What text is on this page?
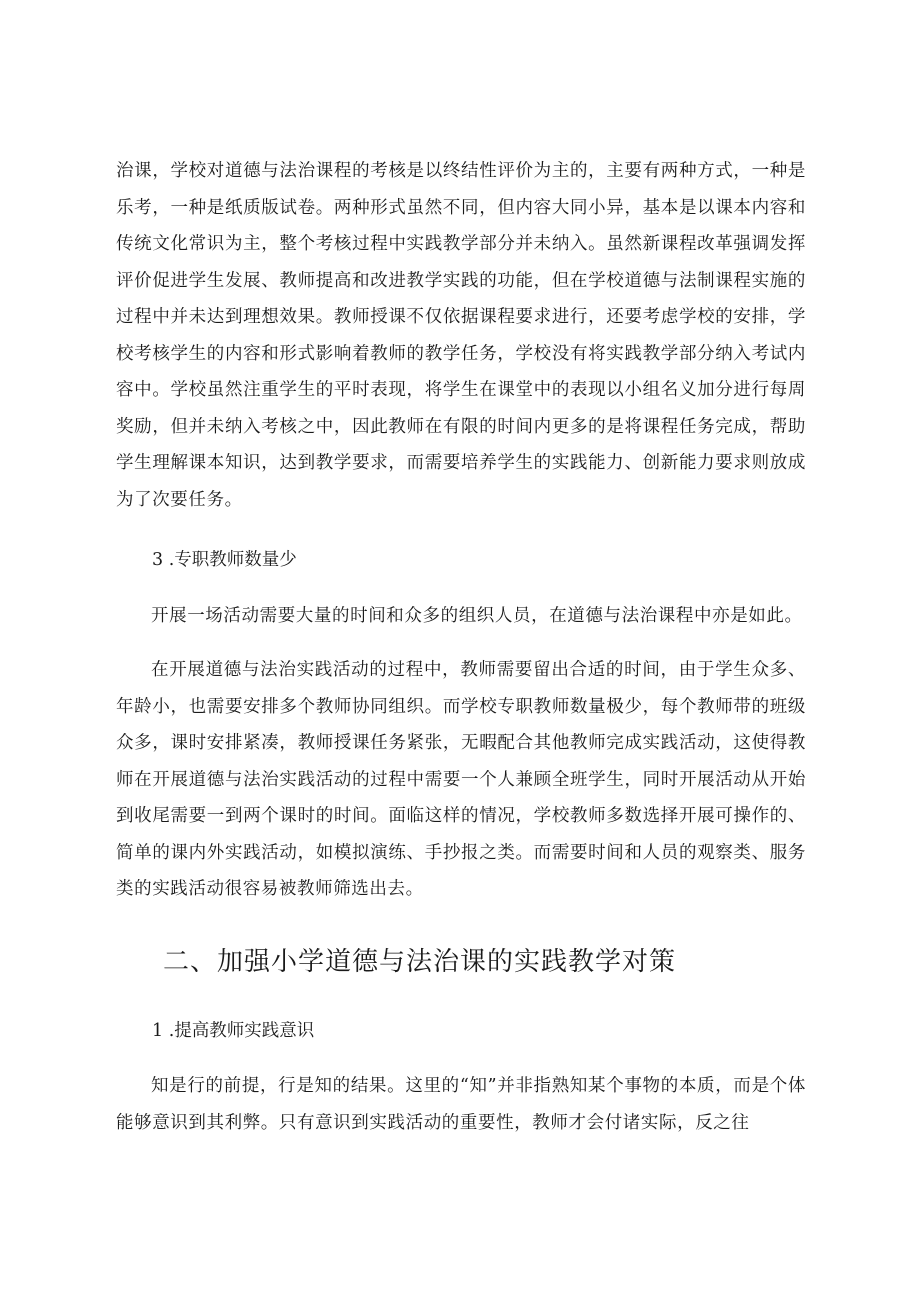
治课，学校对道德与法治课程的考核是以终结性评价为主的，主要有两种方式，一种是乐考，一种是纸质版试卷。两种形式虽然不同，但内容大同小异，基本是以课本内容和传统文化常识为主，整个考核过程中实践教学部分并未纳入。虽然新课程改革强调发挥评价促进学生发展、教师提高和改进教学实践的功能，但在学校道德与法制课程实施的过程中并未达到理想效果。教师授课不仅依据课程要求进行，还要考虑学校的安排，学校考核学生的内容和形式影响着教师的教学任务，学校没有将实践教学部分纳入考试内容中。学校虽然注重学生的平时表现，将学生在课堂中的表现以小组名义加分进行每周奖励，但并未纳入考核之中，因此教师在有限的时间内更多的是将课程任务完成，帮助学生理解课本知识，达到教学要求，而需要培养学生的实践能力、创新能力要求则放成为了次要任务。

3 .专职教师数量少

开展一场活动需要大量的时间和众多的组织人员，在道德与法治课程中亦是如此。

在开展道德与法治实践活动的过程中，教师需要留出合适的时间，由于学生众多、年龄小，也需要安排多个教师协同组织。而学校专职教师数量极少，每个教师带的班级众多，课时安排紧凑，教师授课任务紧张，无暇配合其他教师完成实践活动，这使得教师在开展道德与法治实践活动的过程中需要一个人兼顾全班学生，同时开展活动从开始到收尾需要一到两个课时的时间。面临这样的情况，学校教师多数选择开展可操作的、简单的课内外实践活动，如模拟演练、手抄报之类。而需要时间和人员的观察类、服务类的实践活动很容易被教师筛选出去。

二、加强小学道德与法治课的实践教学对策

1 .提高教师实践意识

知是行的前提，行是知的结果。这里的“知”并非指熟知某个事物的本质，而是个体能够意识到其利弊。只有意识到实践活动的重要性，教师才会付诸实际，反之往
